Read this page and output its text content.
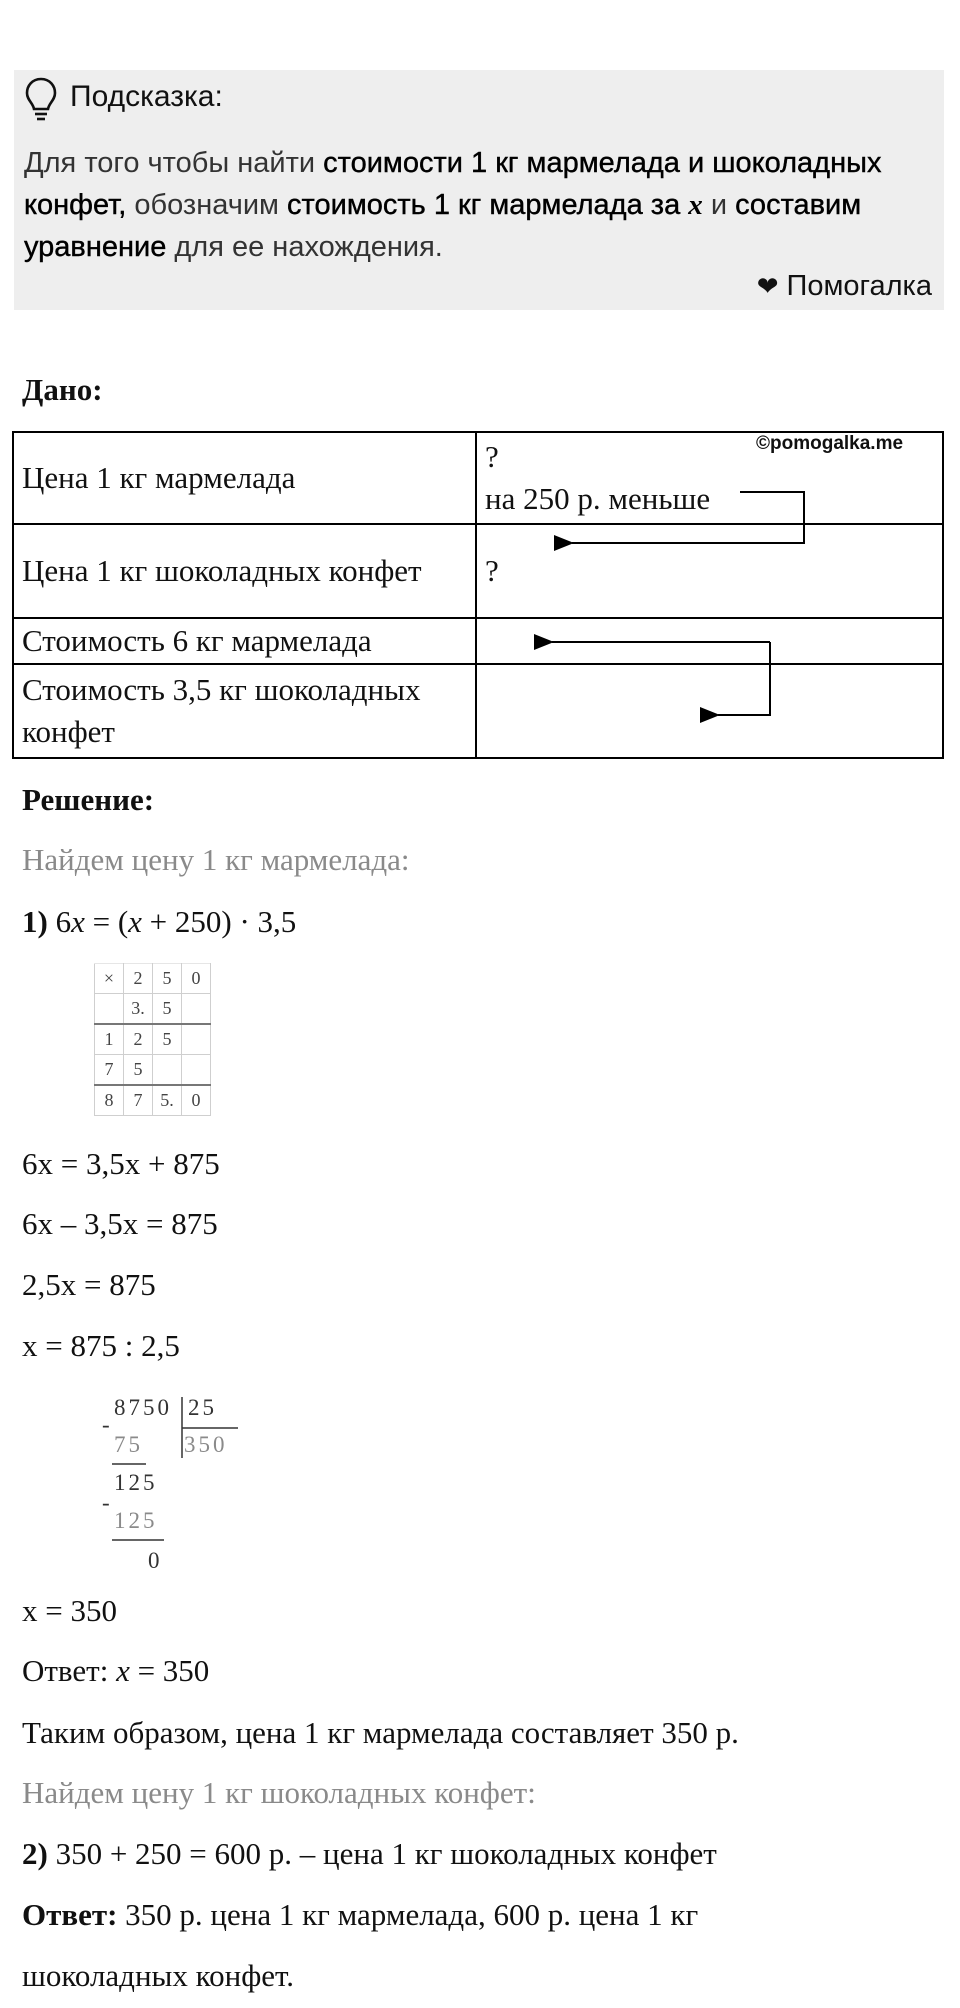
Подсказка:
Для того чтобы найти стоимости 1 кг мармелада и шоколадных конфет, обозначим стоимость 1 кг мармелада за x и составим уравнение для ее нахождения.
❤ Помогалка
Дано:
Цена 1 кг мармелада	?
на 250 р. меньше

Цена 1 кг шоколадных конфет	?
Стоимость 6 кг мармелада	
Стоимость 3,5 кг шоколадных конфет	
©pomogalka.me
Решение:
Найдем цену 1 кг мармелада:
1) 6x = (x + 250) · 3,5
×	2	5	0
	3.	5	
1	2	5	
7	5		
8	7	5.	0
6x = 3,5x + 875
6x – 3,5x = 875
2,5x = 875
x = 875 : 2,5
8750 25
350
-
75
125
-
125
0
x = 350
Ответ: x = 350
Таким образом, цена 1 кг мармелада составляет 350 р.
Найдем цену 1 кг шоколадных конфет:
2) 350 + 250 = 600 р. – цена 1 кг шоколадных конфет
Ответ: 350 р. цена 1 кг мармелада, 600 р. цена 1 кг
шоколадных конфет.
